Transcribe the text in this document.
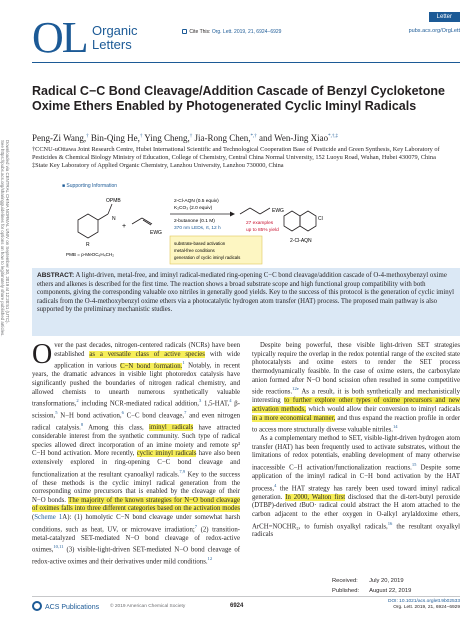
Downloaded via CENTRAL CHINA NORMAL UNIV on September 30, 2019 at 12:20:51 (UTC).
See https://pubs.acs.org/sharingguidelines for options on how to legitimately share published articles.
OL Organic
Letters
Cite This: Org. Lett. 2019, 21, 6924−6929
Letter
pubs.acs.org/OrgLett
Radical C−C Bond Cleavage/Addition Cascade of Benzyl Cycloketone Oxime Ethers Enabled by Photogenerated Cyclic Iminyl Radicals
Peng-Zi Wang,† Bin-Qing He,† Ying Cheng,† Jia-Rong Chen,*,† and Wen-Jing Xiao*,†,‡
†CCNU-uOttawa Joint Research Centre, Hubei International Scientific and Technological Cooperation Base of Pesticide and Green Synthesis, Key Laboratory of Pesticides & Chemical Biology Ministry of Education, College of Chemistry, Central China Normal University, 152 Luoyu Road, Wuhan, Hubei 430079, China
‡State Key Laboratory of Applied Organic Chemistry, Lanzhou University, Lanzhou 730000, China
■ Supporting Information
N
OPMB
R
PMB = p-MeOC₆H₄CH₂
+
EWG
2-Cl-AQN (0.5 equiv)
K₂CO₃ (2.0 equiv)
2-butanone (0.1 M)
370 nm LEDs, rt, 12 h
substrate-based activation
metal-free conditions
generation of cyclic iminyl radicals
EWG
27 examples
up to 85% yield
Cl
2-Cl-AQN
ABSTRACT: A light-driven, metal-free, and iminyl radical-mediated ring-opening C−C bond cleavage/addition cascade of O-4-methoxybenzyl oxime ethers and alkenes is described for the first time. The reaction shows a broad substrate scope and high functional group compatibility with both components, giving the corresponding valuable oxo nitriles in generally good yields. Key to the success of this protocol is the generation of cyclic iminyl radicals from the O-4-methoxybenzyl oxime ethers via a photocatalytic hydrogen atom transfer (HAT) process. The proposed main pathway is also supported by the preliminary mechanistic studies.
Over the past decades, nitrogen-centered radicals (NCRs) have been established as a versatile class of active species with wide application in various C−N bond formation.$^1$ Notably, in recent years, the dramatic advances in visible light photoredox catalysis have significantly pushed the boundaries of nitrogen radical chemistry, and allowed chemists to unearth numerous synthetically valuable transformations,$^2$ including NCR-mediated radical addition,$^3$ 1,5-HAT,$^4$ β-scission,$^5$ N−H bond activation,$^6$ C−C bond cleavage,$^7$ and even nitrogen radical catalysis.$^8$ Among this class, iminyl radicals have attracted considerable interest from the synthetic community. Such type of radical species allowed direct incorporation of an imine moiety and remote sp³ C−H bond activation. More recently, cyclic iminyl radicals have also been extensively explored in ring-opening C−C bond cleavage and functionalization at the resultant cyanoalkyl radicals.$^{7,9}$ Key to the success of these methods is the cyclic iminyl radical generation from the corresponding oxime precursors that is enabled by the cleavage of their N−O bonds. The majority of the known strategies for N−O bond cleavage of oximes falls into three different categories based on the activation modes (Scheme 1A): (1) homolytic C−N bond cleavage under somewhat harsh conditions, such as heat, UV, or microwave irradiation;$^7$ (2) transition-metal-catalyzed SET-mediated N−O bond cleavage of redox-active oximes,$^{10,11}$ (3) visible-light-driven SET-mediated N−O bond cleavage of redox-active oximes and their derivatives under mild conditions.$^{12}$

Despite being powerful, these visible light-driven SET strategies typically require the overlap in the redox potential range of the excited state photocatalysts and oxime esters to render the SET process thermodynamically feasible. In the case of oxime esters, the carboxylate anion formed after N−O bond scission often resulted in some competitive side reactions.$^{12e}$ As a result, it is both synthetically and mechanistically interesting to further explore other types of oxime precursors and new activation methods, which would allow their conversion to iminyl radicals in a more economical manner, and thus expand the reaction profile in order to access more structurally diverse valuable nitriles.$^{14}$

As a complementary method to SET, visible-light-driven hydrogen atom transfer (HAT) has been frequently used to activate substrates, without the limitations of redox potentials, enabling development of many otherwise inaccessible C−H activation/functionalization reactions.$^{15}$ Despite some application of the iminyl radical in C−H bond activation by the HAT process,$^4$ the HAT strategy has rarely been used toward iminyl radical generation. In 2000, Walton first disclosed that the di-tert-butyl peroxide (DTBP)-derived tBuO· radical could abstract the H atom attached to the carbon adjacent to the ether oxygen in O-alkyl arylaldoxime ethers, ArCH=NOCHR₂, to furnish oxyalkyl radicals,$^{16}$ the resultant oxyalkyl radicals

Received:	July 20, 2019
Published:	August 22, 2019
ACS Publications © 2019 American Chemical Society	6924
DOI: 10.1021/acs.orglett.9b02533
Org. Lett. 2019, 21, 6924−6929
